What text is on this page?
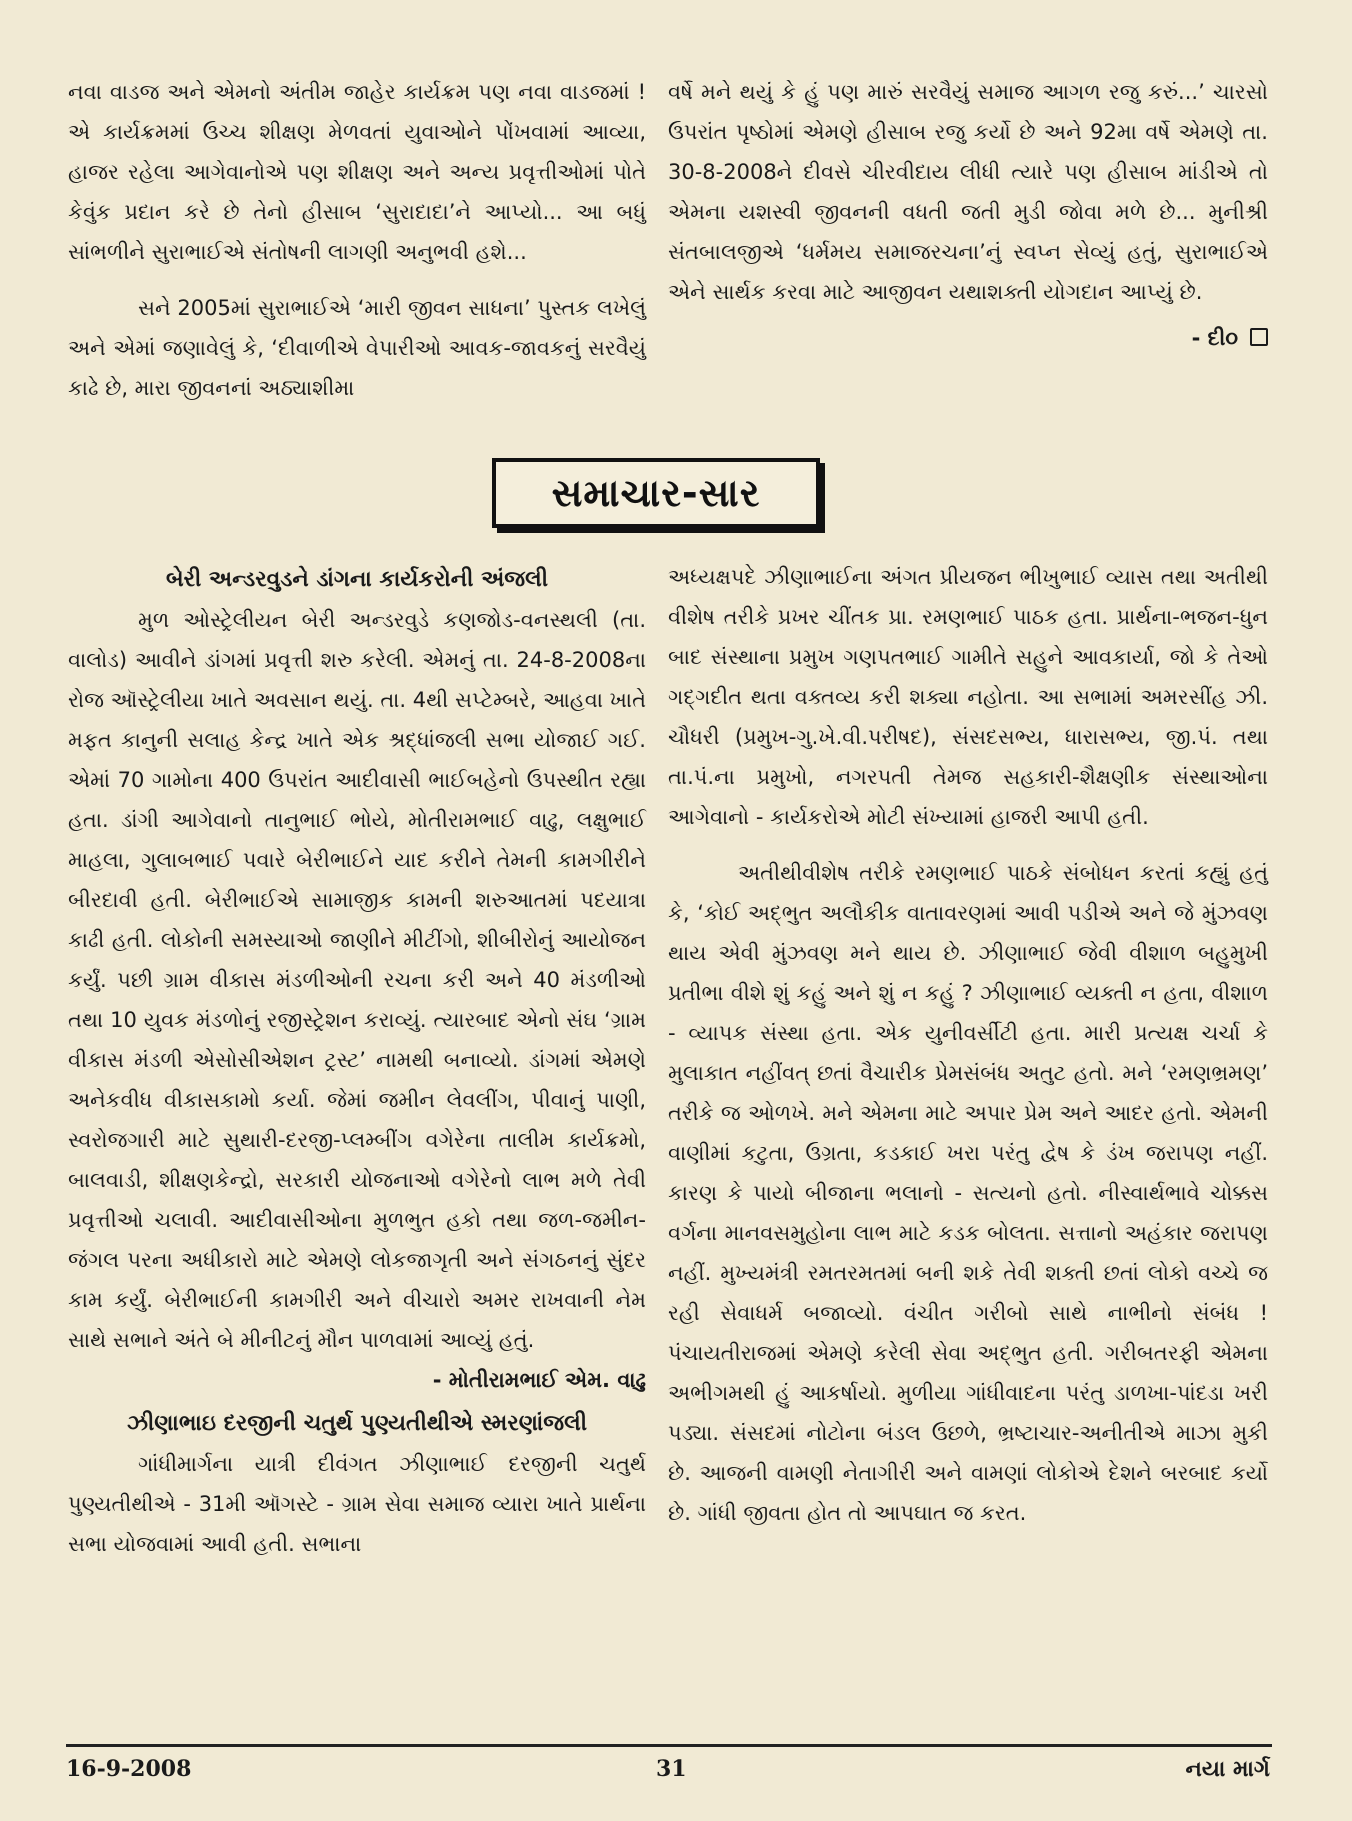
નવા વાડજ અને એમનો અંતીમ જાહેર કાર્યક્રમ પણ નવા વાડજમાં ! એ કાર્યક્રમમાં ઉચ્ચ શીક્ષણ મેળવતાં યુવાઓને પોંખવામાં આવ્યા, હાજર રહેલા આગેવાનોએ પણ શીક્ષણ અને અન્ય પ્રવૃત્તીઓમાં પોતે કેવુંક પ્રદાન કરે છે તેનો હીસાબ ‘સુરાદાદા’ને આપ્યો... આ બધું સાંભળીને સુરાભાઈએ સંતોષની લાગણી અનુભવી હશે...

સને 2005માં સુરાભાઈએ ‘મારી જીવન સાધના’ પુસ્તક લખેલું અને એમાં જણાવેલું કે, ‘દીવાળીએ વેપારીઓ આવક-જાવકનું સરવૈયું કાઢે છે, મારા જીવનનાં અઠ્યાશીમા

વર્ષે મને થયું કે હું પણ મારું સરવૈયું સમાજ આગળ રજુ કરું...’ ચારસો ઉપરાંત પૃષ્ઠોમાં એમણે હીસાબ રજુ કર્યો છે અને 92મા વર્ષે એમણે તા. 30-8-2008ને દીવસે ચીરવીદાય લીધી ત્યારે પણ હીસાબ માંડીએ તો એમના યશસ્વી જીવનની વધતી જતી મુડી જોવા મળે છે... મુનીશ્રી સંતબાલજીએ ‘ધર્મમય સમાજરચના’નું સ્વપ્ન સેવ્યું હતું, સુરાભાઈએ એને સાર્થક કરવા માટે આજીવન યથાશક્તી યોગદાન આપ્યું છે.

- દી૦
સમાચાર-સાર

બેરી અન્ડરવુડને ડાંગના કાર્યકરોની અંજલી

મુળ ઓસ્ટ્રેલીયન બેરી અન્ડરવુડે કણજોડ-વનસ્થલી (તા. વાલોડ) આવીને ડાંગમાં પ્રવૃત્તી શરુ કરેલી. એમનું તા. 24-8-2008ના રોજ ઑસ્ટ્રેલીયા ખાતે અવસાન થયું. તા. 4થી સપ્ટેમ્બરે, આહવા ખાતે મફત કાનુની સલાહ કેન્દ્ર ખાતે એક શ્રદ્ધાંજલી સભા યોજાઈ ગઈ. એમાં 70 ગામોના 400 ઉપરાંત આદીવાસી ભાઈબહેનો ઉપસ્થીત રહ્યા હતા. ડાંગી આગેવાનો તાનુભાઈ ભોયે, મોતીરામભાઈ વાઢુ, લક્ષુભાઈ માહલા, ગુલાબભાઈ પવારે બેરીભાઈને યાદ કરીને તેમની કામગીરીને બીરદાવી હતી. બેરીભાઈએ સામાજીક કામની શરુઆતમાં પદયાત્રા કાઢી હતી. લોકોની સમસ્યાઓ જાણીને મીટીંગો, શીબીરોનું આયોજન કર્યું. પછી ગ્રામ વીકાસ મંડળીઓની રચના કરી અને 40 મંડળીઓ તથા 10 યુવક મંડળોનું રજીસ્ટ્રેશન કરાવ્યું. ત્યારબાદ એનો સંઘ ‘ગ્રામ વીકાસ મંડળી એસોસીએશન ટ્રસ્ટ’ નામથી બનાવ્યો. ડાંગમાં એમણે અનેકવીધ વીકાસકામો કર્યા. જેમાં જમીન લેવલીંગ, પીવાનું પાણી, સ્વરોજગારી માટે સુથારી-દરજી-પ્લમ્બીંગ વગેરેના તાલીમ કાર્યક્રમો, બાલવાડી, શીક્ષણકેન્દ્રો, સરકારી યોજનાઓ વગેરેનો લાભ મળે તેવી પ્રવૃત્તીઓ ચલાવી. આદીવાસીઓના મુળભુત હકો તથા જળ-જમીન-જંગલ પરના અધીકારો માટે એમણે લોકજાગૃતી અને સંગઠનનું સુંદર કામ કર્યું. બેરીભાઈની કામગીરી અને વીચારો અમર રાખવાની નેમ સાથે સભાને અંતે બે મીનીટનું મૌન પાળવામાં આવ્યું હતું.

- મોતીરામભાઈ એમ. વાઢુ

ઝીણાભાઇ દરજીની ચતુર્થ પુણ્યતીથીએ સ્મરણાંજલી

ગાંધીમાર્ગના યાત્રી દીવંગત ઝીણાભાઈ દરજીની ચતુર્થ પુણ્યતીથીએ - 31મી ઑગસ્ટે - ગ્રામ સેવા સમાજ વ્યારા ખાતે પ્રાર્થના સભા યોજવામાં આવી હતી. સભાના

અધ્યક્ષપદે ઝીણાભાઈના અંગત પ્રીયજન ભીખુભાઈ વ્યાસ તથા અતીથી વીશેષ તરીકે પ્રખર ચીંતક પ્રા. રમણભાઈ પાઠક હતા. પ્રાર્થના-ભજન-ધુન બાદ સંસ્થાના પ્રમુખ ગણપતભાઈ ગામીતે સહુને આવકાર્યા, જો કે તેઓ ગદ્ગદીત થતા વક્તવ્ય કરી શક્યા નહોતા. આ સભામાં અમરસીંહ ઝી. ચૌધરી (પ્રમુખ-ગુ.ખે.વી.પરીષદ), સંસદસભ્ય, ધારાસભ્ય, જી.પં. તથા તા.પં.ના પ્રમુખો, નગરપતી તેમજ સહકારી-શૈક્ષણીક સંસ્થાઓના આગેવાનો - કાર્યકરોએ મોટી સંખ્યામાં હાજરી આપી હતી.

અતીથીવીશેષ તરીકે રમણભાઈ પાઠકે સંબોધન કરતાં કહ્યું હતું કે, ‘કોઈ અદ્ભુત અલૌકીક વાતાવરણમાં આવી પડીએ અને જે મુંઝવણ થાય એવી મુંઝવણ મને થાય છે. ઝીણાભાઈ જેવી વીશાળ બહુમુખી પ્રતીભા વીશે શું કહું અને શું ન કહું ? ઝીણાભાઈ વ્યક્તી ન હતા, વીશાળ - વ્યાપક સંસ્થા હતા. એક યુનીવર્સીટી હતા. મારી પ્રત્યક્ષ ચર્ચા કે મુલાકાત નહીંવત્ છતાં વૈચારીક પ્રેમસંબંધ અતુટ હતો. મને ‘રમણભ્રમણ’ તરીકે જ ઓળખે. મને એમના માટે અપાર પ્રેમ અને આદર હતો. એમની વાણીમાં કટુતા, ઉગ્રતા, કડકાઈ ખરા પરંતુ દ્વેષ કે ડંખ જરાપણ નહીં. કારણ કે પાયો બીજાના ભલાનો - સત્યનો હતો. નીસ્વાર્થભાવે ચોક્કસ વર્ગના માનવસમુહોના લાભ માટે કડક બોલતા. સત્તાનો અહંકાર જરાપણ નહીં. મુખ્યમંત્રી રમતરમતમાં બની શકે તેવી શક્તી છતાં લોકો વચ્ચે જ રહી સેવાધર્મ બજાવ્યો. વંચીત ગરીબો સાથે નાભીનો સંબંધ ! પંચાયતીરાજમાં એમણે કરેલી સેવા અદ્ભુત હતી. ગરીબતરફી એમના અભીગમથી હું આકર્ષાયો. મુળીયા ગાંધીવાદના પરંતુ ડાળખા-પાંદડા ખરી પડ્યા. સંસદમાં નોટોના બંડલ ઉછળે, ભ્રષ્ટાચાર-અનીતીએ માઝા મુકી છે. આજની વામણી નેતાગીરી અને વામણાં લોકોએ દેશને બરબાદ કર્યો છે. ગાંધી જીવતા હોત તો આપઘાત જ કરત.

16-9-2008	31	નયા માર્ગ
